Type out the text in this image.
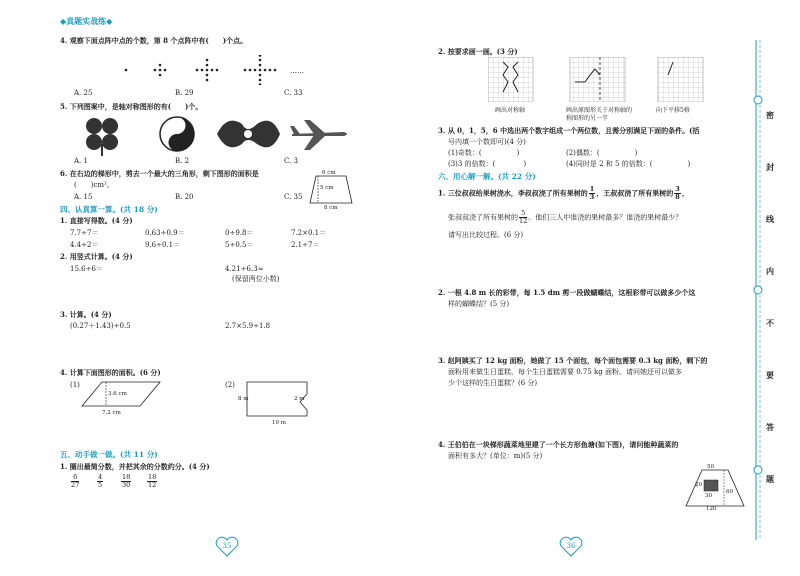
◆真题实战练◆
4. 观察下面点阵中点的个数，第 8 个点阵中有(　　)个点。
……
A. 25	B. 29	C. 33
5. 下列图案中，是轴对称图形的有(　　)个。
A. 1	B. 2	C. 3
6. 在右边的梯形中，剪去一个最大的三角形，剩下图形的面积是
(　　)cm²。
A. 15	B. 20	C. 35
6 cm
5 cm
8 cm
四、认真算一算。(共 18 分)
1. 直接写得数。(4 分)
7.7÷7＝	0.63÷0.9＝	0÷9.8＝	7.2×0.1＝
4.4÷2＝	9.6÷0.1＝	5÷0.5＝	2.1÷7＝
2. 用竖式计算。(4 分)
15.6÷6＝	4.21÷6.3≈
(保留两位小数)
3. 计算。(4 分)
(0.27＋1.43)÷0.5	2.7×5.9÷1.8
4. 计算下面图形的面积。(6 分)
(1)	(2)
3.6 cm
7.2 cm
8 m	2 m
10 m
五、动手做一做。(共 11 分)
1. 圈出最简分数，并把其余的分数约分。(4 分)
$\frac{6}{27}$	$\frac{4}{5}$	$\frac{18}{30} \frac{18}{12}$
35
2. 按要求画一画。(3 分)
画出对称轴	画出原图形关于对称轴的
称图形的另一半
向下平移5格
3. 从 0，1，5，6 中选出两个数字组成一个两位数，且需分别满足下面的条件。(括
号内填一个数即可)(4 分)
(1)奇数：(　　　　　)	(2)偶数：(　　　　　)
(3)3 的倍数：(　　　　)	(4)同时是 2 和 5 的倍数：(　　　　　)
六、用心解一解。(共 22 分)
1. 三位叔叔给果树浇水，李叔叔浇了所有果树的 $\frac{1}{3}$ ，王叔叔浇了所有果树的 $\frac{3}{8}$ ，
张叔叔浇了所有果树的 $\frac{5}{12}$ 。他们三人中谁浇的果树最多？谁浇的果树最少？
请写出比较过程。(6 分)
2. 一根 4.8 m 长的彩带，每 1.5 dm 剪一段做蝴蝶结，这根彩带可以做多少个这
样的蝴蝶结？(5 分)
3. 赵阿姨买了 12 kg 面粉，她做了 15 个面包，每个面包需要 0.3 kg 面粉，剩下的
面粉用来做生日蛋糕，每个生日蛋糕需要 0.75 kg 面粉。请问她还可以做多
少个这样的生日蛋糕？(6 分)
4. 王伯伯在一块梯形蔬菜地里建了一个长方形鱼塘(如下图)，请问能种蔬菜的
面积有多大？(单位：m)(5 分)
50
20
30
60
120
36
密
封
线
内
不
要
答
题
